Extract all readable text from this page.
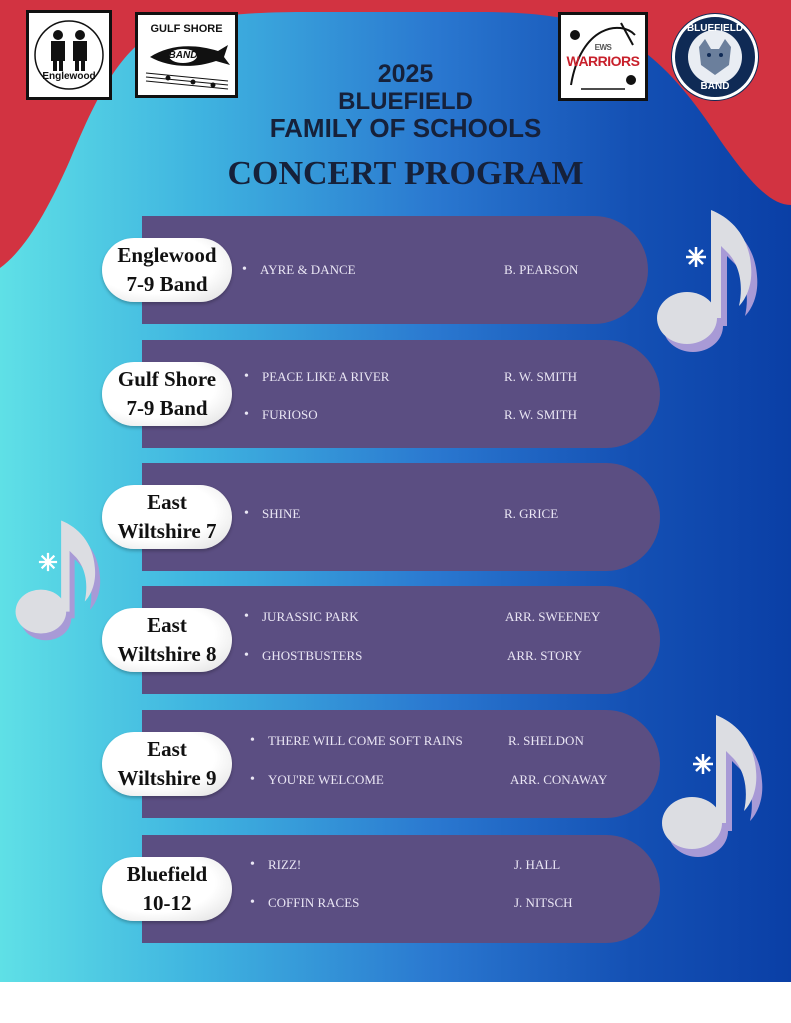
Englewood
GULF SHORE
BAND
EWS
WARRIORS
BLUEFIELD
BAND
2025
BLUEFIELD
FAMILY OF SCHOOLS
CONCERT PROGRAM
Englewood
7-9 Band
• AYRE & DANCE	B. PEARSON
Gulf Shore
7-9 Band
• PEACE LIKE A RIVER	R. W. SMITH
• FURIOSO	R. W. SMITH
East
Wiltshire 7
• SHINE	R. GRICE
East
Wiltshire 8
• JURASSIC PARK	ARR. SWEENEY
• GHOSTBUSTERS	ARR. STORY
East
Wiltshire 9
• THERE WILL COME SOFT RAINS	R. SHELDON
• YOU'RE WELCOME	ARR. CONAWAY
Bluefield
10-12
• RIZZ!	J. HALL
• COFFIN RACES	J. NITSCH
